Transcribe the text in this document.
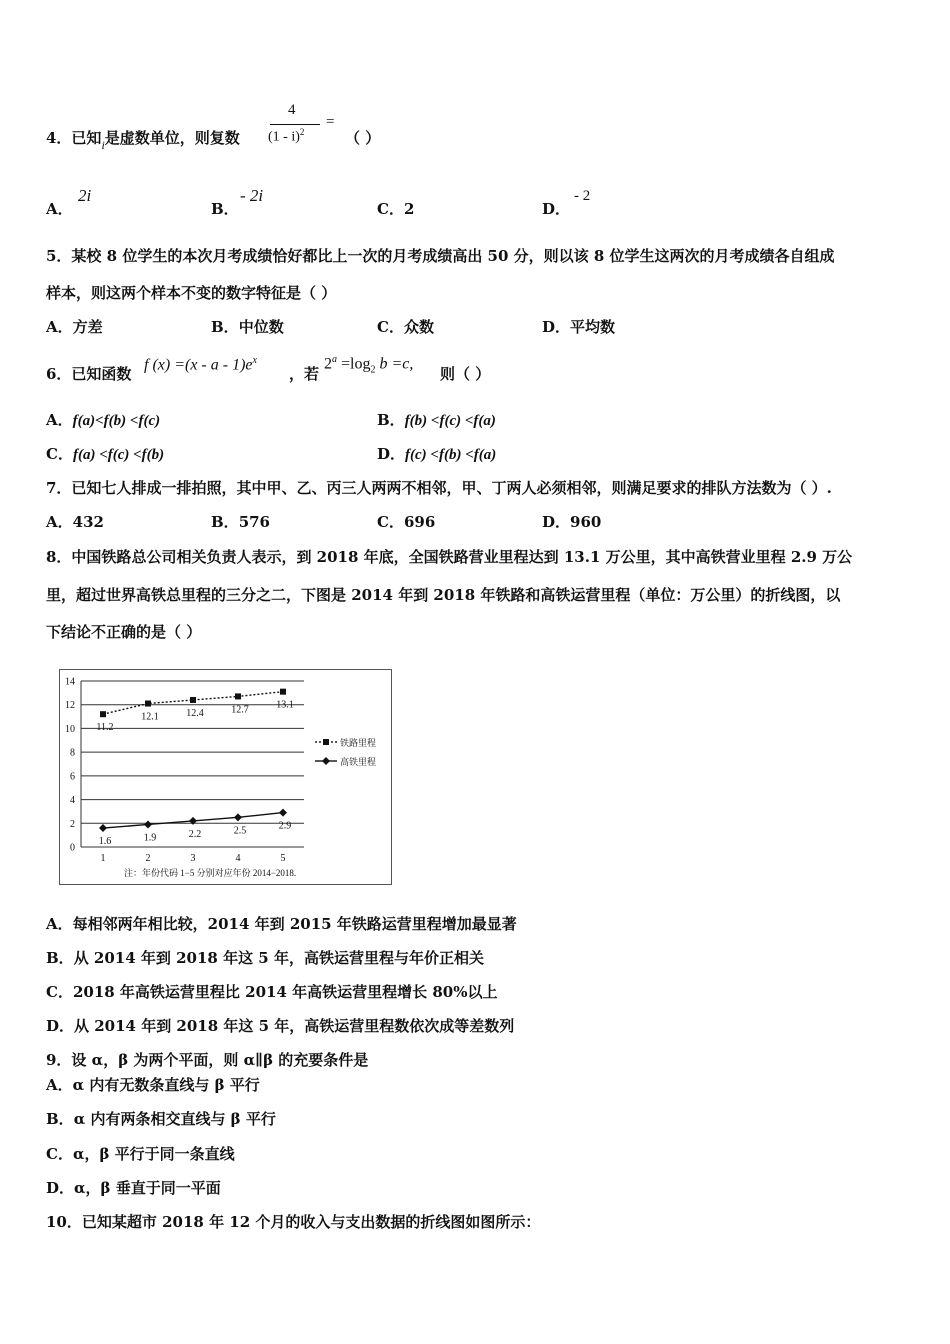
4．已知$_i$是虚数单位，则复数
4
(1 - i)$^2$
=
（ ）
A．
2i
B．
- 2i
C．2	D．
- 2
5．某校 8 位学生的本次月考成绩恰好都比上一次的月考成绩高出 50 分，则以该 8 位学生这两次的月考成绩各自组成
样本，则这两个样本不变的数字特征是（ ）
A．方差	B．中位数	C．众数	D．平均数
6．已知函数
f $(x) =(x - a - 1)e^x$
，若
$2^a =\log_2$ b =c,
则（ ）
A．f(a)<f(b) <f(c)	B．f(b) <f(c) <f(a)
C．f(a) <f(c) <f(b)	D．f(c) <f(b) <f(a)
7．已知七人排成一排拍照，其中甲、乙、丙三人两两不相邻，甲、丁两人必须相邻，则满足要求的排队方法数为（ ）.
A．432	B．576	C．696	D．960
8．中国铁路总公司相关负责人表示，到 2018 年底，全国铁路营业里程达到 13.1 万公里，其中高铁营业里程 2.9 万公
里，超过世界高铁总里程的三分之二，下图是 2014 年到 2018 年铁路和高铁运营里程（单位：万公里）的折线图，以
下结论不正确的是（ ）
0
2
4
6
8
10
12
14
1	2	3	4	5
11.2
12.1	12.4	12.7	13.1
1.6	1.9	2.2	2.5	2.9
铁路里程
高铁里程
注：年份代码 1−5 分别对应年份 2014−2018.
A．每相邻两年相比较，2014 年到 2015 年铁路运营里程增加最显著
B．从 2014 年到 2018 年这 5 年，高铁运营里程与年价正相关
C．2018 年高铁运营里程比 2014 年高铁运营里程增长 80%以上
D．从 2014 年到 2018 年这 5 年，高铁运营里程数依次成等差数列
9．设 α，β 为两个平面，则 α∥β 的充要条件是
A．α 内有无数条直线与 β 平行
B．α 内有两条相交直线与 β 平行
C．α，β 平行于同一条直线
D．α，β 垂直于同一平面
10．已知某超市 2018 年 12 个月的收入与支出数据的折线图如图所示：
